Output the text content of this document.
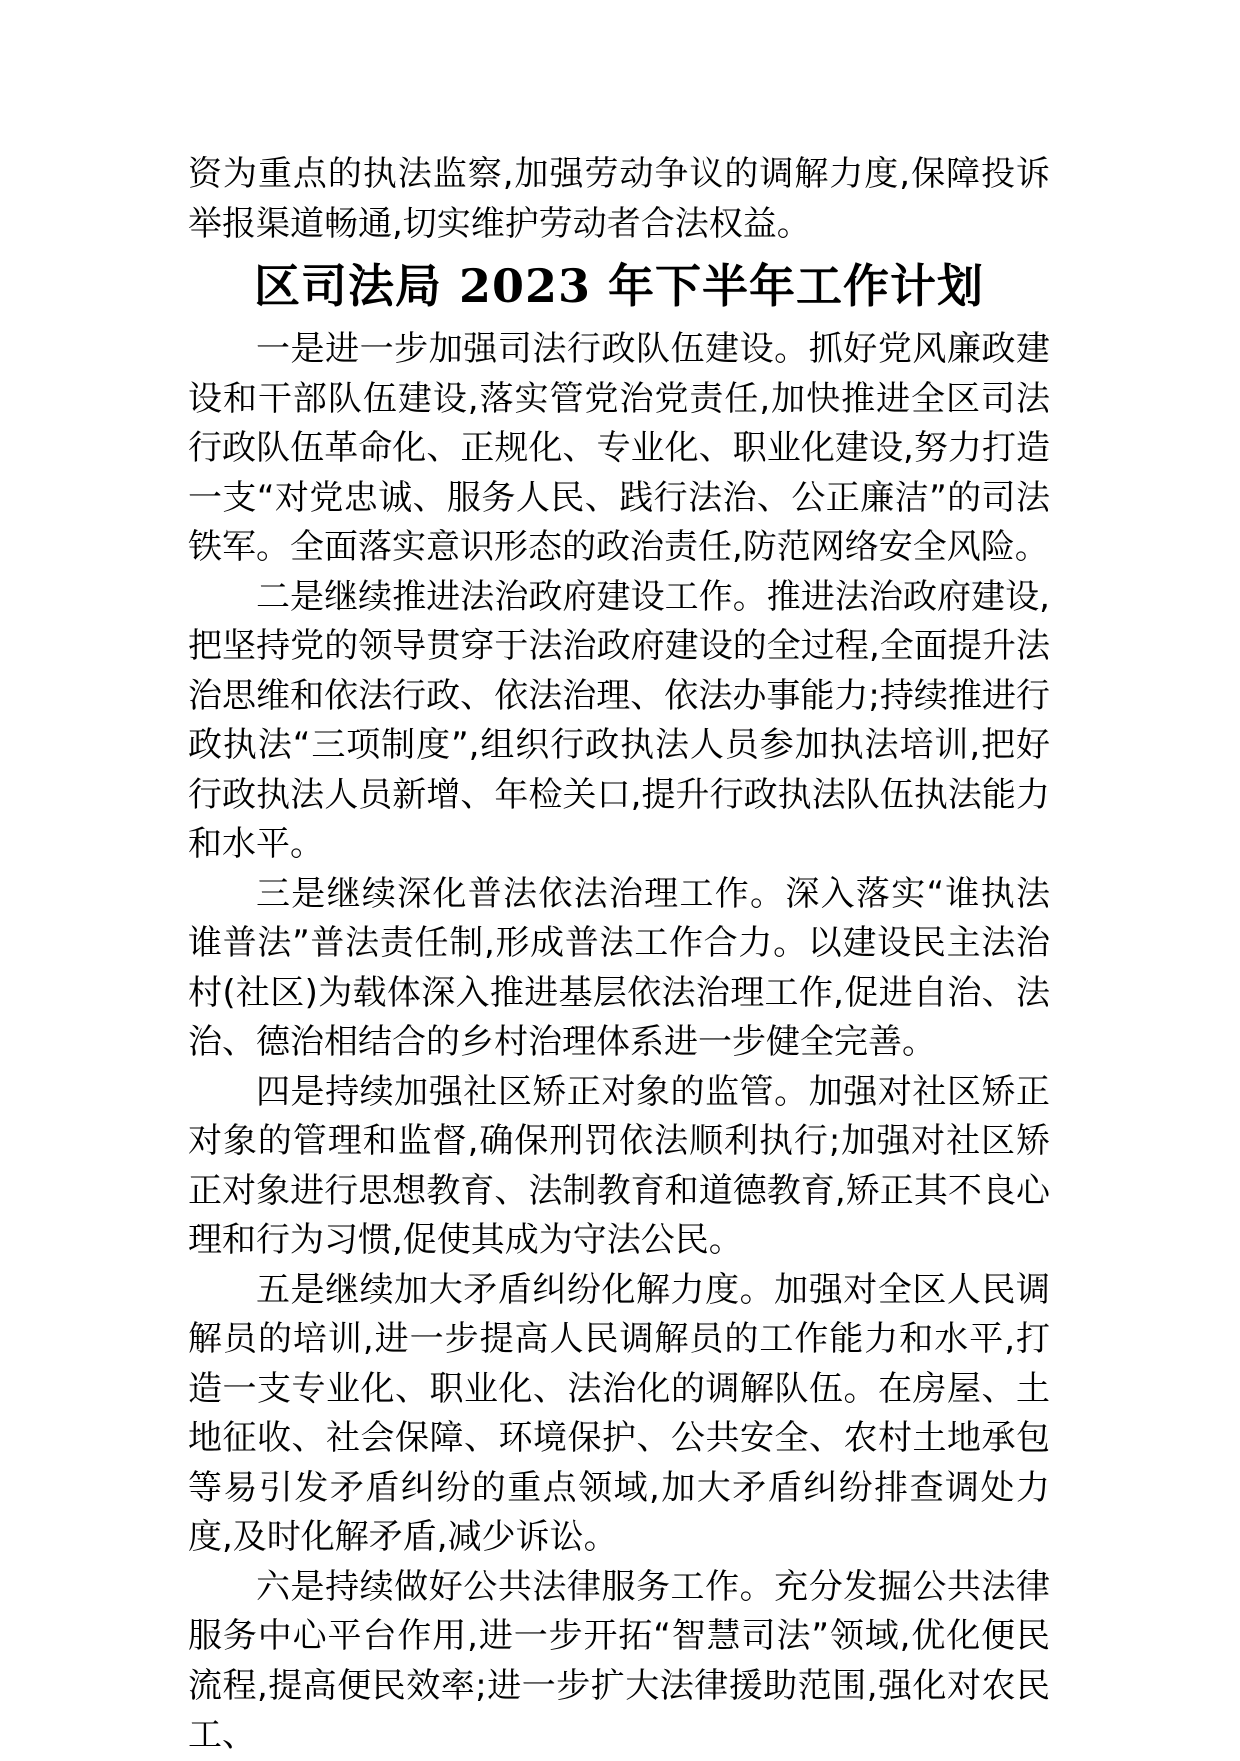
资为重点的执法监察,加强劳动争议的调解力度,保障投诉举报渠道畅通,切实维护劳动者合法权益。

区司法局 2023 年下半年工作计划

一是进一步加强司法行政队伍建设。抓好党风廉政建设和干部队伍建设,落实管党治党责任,加快推进全区司法行政队伍革命化、正规化、专业化、职业化建设,努力打造一支“对党忠诚、服务人民、践行法治、公正廉洁”的司法铁军。全面落实意识形态的政治责任,防范网络安全风险。

二是继续推进法治政府建设工作。推进法治政府建设,把坚持党的领导贯穿于法治政府建设的全过程,全面提升法治思维和依法行政、依法治理、依法办事能力;持续推进行政执法“三项制度”,组织行政执法人员参加执法培训,把好行政执法人员新增、年检关口,提升行政执法队伍执法能力和水平。

三是继续深化普法依法治理工作。深入落实“谁执法谁普法”普法责任制,形成普法工作合力。以建设民主法治村(社区)为载体深入推进基层依法治理工作,促进自治、法治、德治相结合的乡村治理体系进一步健全完善。

四是持续加强社区矫正对象的监管。加强对社区矫正对象的管理和监督,确保刑罚依法顺利执行;加强对社区矫正对象进行思想教育、法制教育和道德教育,矫正其不良心理和行为习惯,促使其成为守法公民。

五是继续加大矛盾纠纷化解力度。加强对全区人民调解员的培训,进一步提高人民调解员的工作能力和水平,打造一支专业化、职业化、法治化的调解队伍。在房屋、土地征收、社会保障、环境保护、公共安全、农村土地承包等易引发矛盾纠纷的重点领域,加大矛盾纠纷排查调处力度,及时化解矛盾,减少诉讼。

六是持续做好公共法律服务工作。充分发掘公共法律服务中心平台作用,进一步开拓“智慧司法”领域,优化便民流程,提高便民效率;进一步扩大法律援助范围,强化对农民工、
